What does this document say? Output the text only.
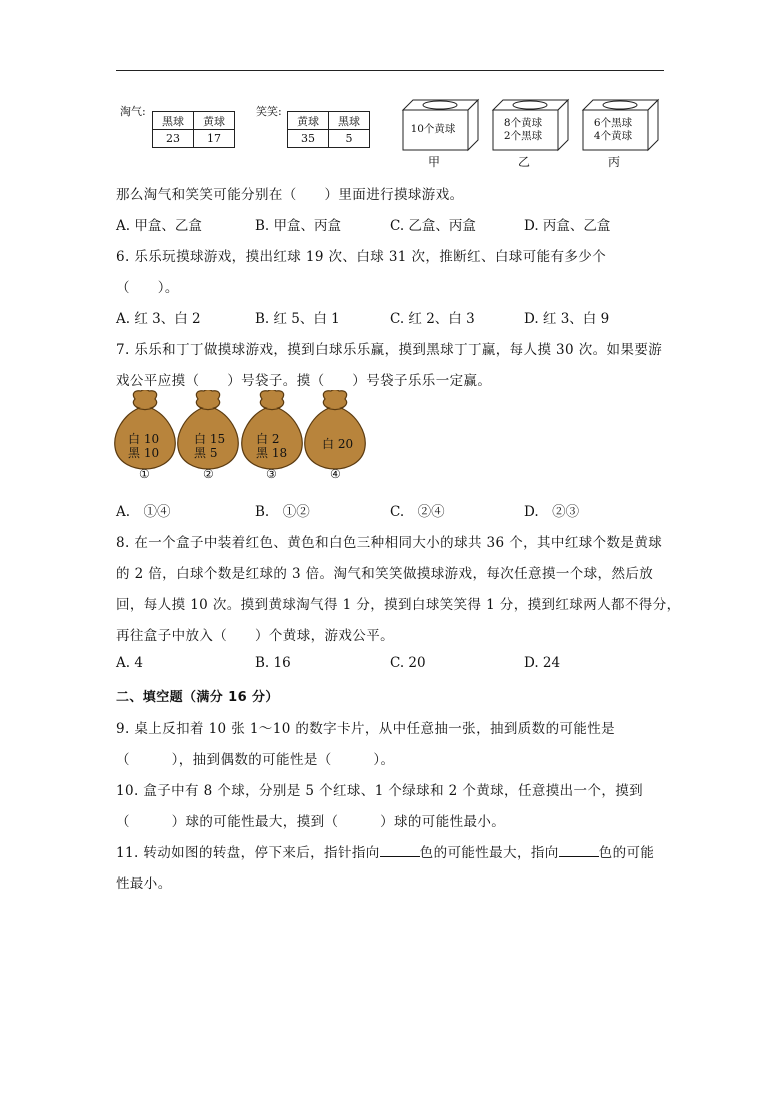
淘气:
黑球	黄球
23	17
笑笑:
黄球	黑球
35	5
10个黄球	8个黄球
2个黑球
6个黑球
4个黄球
甲	乙	丙
那么淘气和笑笑可能分别在（　　）里面进行摸球游戏。
A. 甲盒、乙盒	B. 甲盒、丙盒	C. 乙盒、丙盒	D. 丙盒、乙盒
6. 乐乐玩摸球游戏，摸出红球 19 次、白球 31 次，推断红、白球可能有多少个
（　　）。
A. 红 3、白 2	B. 红 5、白 1	C. 红 2、白 3	D. 红 3、白 9
7. 乐乐和丁丁做摸球游戏，摸到白球乐乐赢，摸到黑球丁丁赢，每人摸 30 次。如果要游
戏公平应摸（　　）号袋子。摸（　　）号袋子乐乐一定赢。
白 10
黑 10
白 15
黑 5
白 2
黑 18
白 20
①	②	③	④
A.　①④	B.　①②	C.　②④	D.　②③
8. 在一个盒子中装着红色、黄色和白色三种相同大小的球共 36 个，其中红球个数是黄球
的 2 倍，白球个数是红球的 3 倍。淘气和笑笑做摸球游戏，每次任意摸一个球，然后放
回，每人摸 10 次。摸到黄球淘气得 1 分，摸到白球笑笑得 1 分，摸到红球两人都不得分，
再往盒子中放入（　　）个黄球，游戏公平。
A. 4	B. 16	C. 20	D. 24
二、填空题（满分 16 分）
9. 桌上反扣着 10 张 1～10 的数字卡片，从中任意抽一张，抽到质数的可能性是
（　　　），抽到偶数的可能性是（　　　）。
10. 盒子中有 8 个球，分别是 5 个红球、1 个绿球和 2 个黄球，任意摸出一个，摸到
（　　　）球的可能性最大，摸到（　　　）球的可能性最小。
11. 转动如图的转盘，停下来后，指针指向	色的可能性最大，指向	色的可能
性最小。
